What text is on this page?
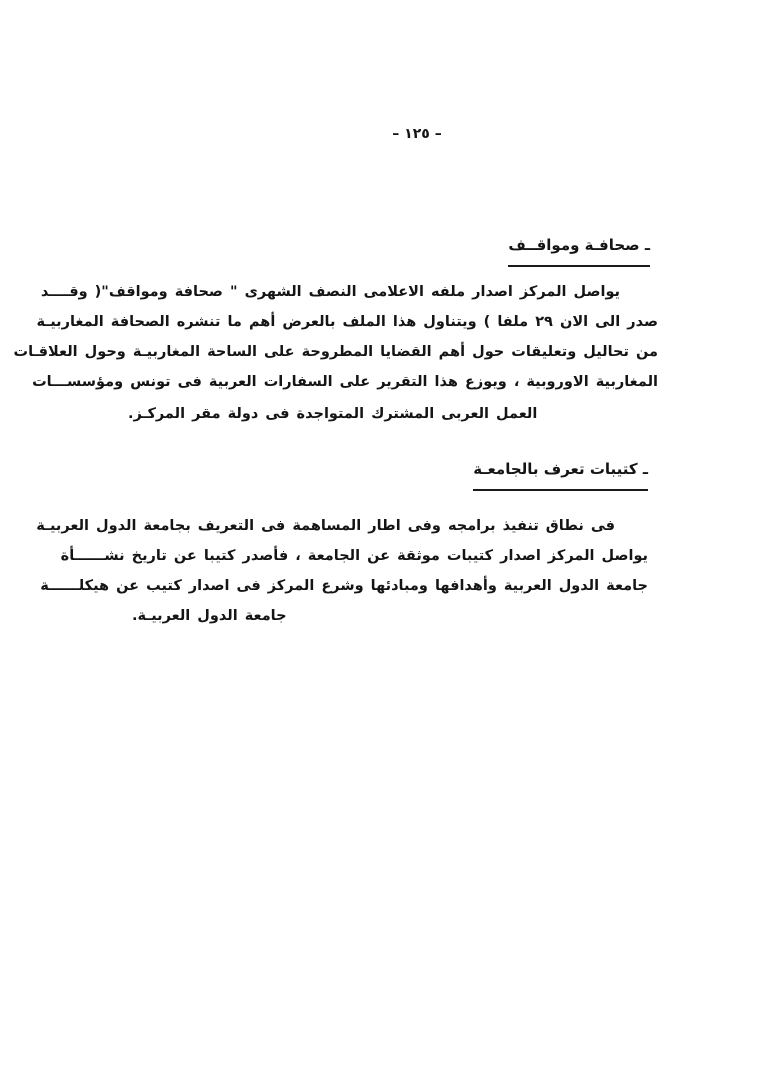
– ١٢٥ –
ـ صحافـة ومواقــف
يواصل المركز اصدار ملفه الاعلامى النصف الشهرى " صحافة ومواقف"( وقــــد
صدر الى الان ٢٩ ملفا ) ويتناول هذا الملف بالعرض أهم ما تنشره الصحافة المغاربيـة
من تحاليل وتعليقات حول أهم القضايا المطروحة على الساحة المغاربيـة وحول العلاقـات
المغاربية الاوروبية ، ويوزع هذا التقرير على السفارات العربية فى تونس ومؤسســـات
العمل العربى المشترك المتواجدة فى دولة مقر المركـز.
ـ كتيبات تعرف بالجامعـة
فى نطاق تنفيذ برامجه وفى اطار المساهمة فى التعريف بجامعة الدول العربيـة
يواصل المركز اصدار كتيبات موثقة عن الجامعة ، فأصدر كتيبا عن تاريخ نشــــــأة
جامعة الدول العربية وأهدافها ومبادئها وشرع المركز فى اصدار كتيب عن هيكلــــــة
جامعة الدول العربيـة.
